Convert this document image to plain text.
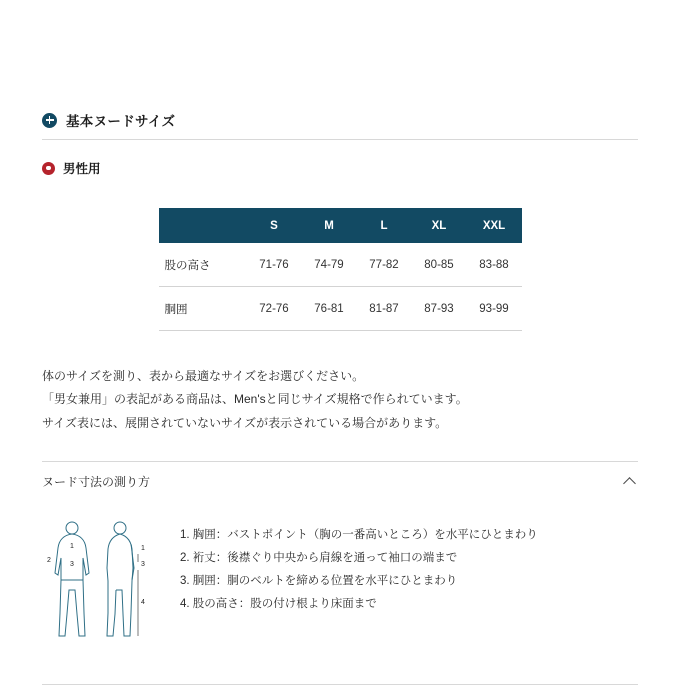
基本ヌードサイズ
男性用
	S	M	L	XL	XXL
股の高さ	71-76	74-79	77-82	80-85	83-88
胴囲	72-76	76-81	81-87	87-93	93-99
体のサイズを測り、表から最適なサイズをお選びください。
「男女兼用」の表記がある商品は、Men'sと同じサイズ規格で作られています。
サイズ表には、展開されていないサイズが表示されている場合があります。
ヌード寸法の測り方
1
2
3
1
3
4
1. 胸囲：バストポイント（胸の一番高いところ）を水平にひとまわり
2. 裄丈：後襟ぐり中央から肩線を通って袖口の端まで
3. 胴囲：胴のベルトを締める位置を水平にひとまわり
4. 股の高さ：股の付け根より床面まで
